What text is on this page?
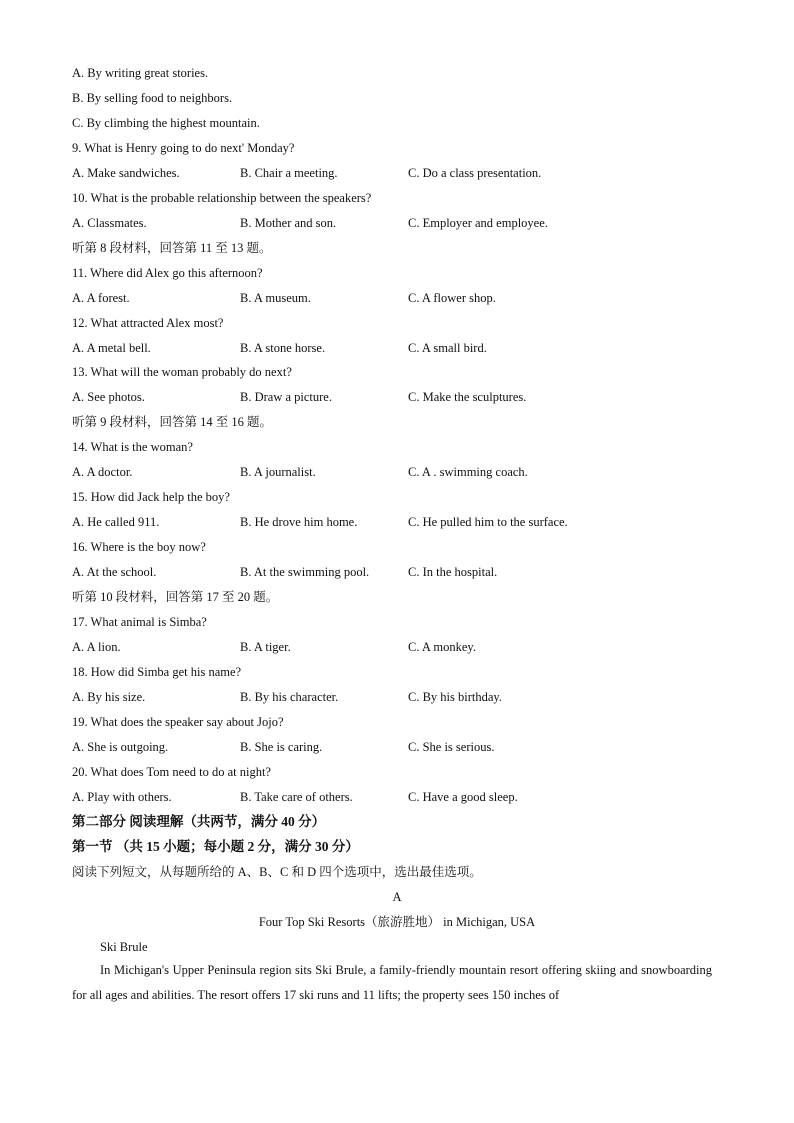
A. By writing great stories.
B. By selling food to neighbors.
C. By climbing the highest mountain.
9. What is Henry going to do next' Monday?
A. Make sandwiches.	B. Chair a meeting.	C. Do a class presentation.
10. What is the probable relationship between the speakers?
A. Classmates.	B. Mother and son.	C. Employer and employee.
听第 8 段材料，回答第 11 至 13 题。
11. Where did Alex go this afternoon?
A. A forest.	B. A museum.	C. A flower shop.
12. What attracted Alex most?
A. A metal bell.	B. A stone horse.	C. A small bird.
13. What will the woman probably do next?
A. See photos.	B. Draw a picture.	C. Make the sculptures.
听第 9 段材料，回答第 14 至 16 题。
14. What is the woman?
A. A doctor.	B. A journalist.	C. A . swimming coach.
15. How did Jack help the boy?
A. He called 911.	B. He drove him home.	C. He pulled him to the surface.
16. Where is the boy now?
A. At the school.	B. At the swimming pool.	C. In the hospital.
听第 10 段材料，回答第 17 至 20 题。
17. What animal is Simba?
A. A lion.	B. A tiger.	C. A monkey.
18. How did Simba get his name?
A. By his size.	B. By his character.	C. By his birthday.
19. What does the speaker say about Jojo?
A. She is outgoing.	B. She is caring.	C. She is serious.
20. What does Tom need to do at night?
A. Play with others.	B. Take care of others.	C. Have a good sleep.
第二部分 阅读理解（共两节，满分 40 分）
第一节 （共 15 小题；每小题 2 分，满分 30 分）
阅读下列短文，从每题所给的 A、B、C 和 D 四个选项中，选出最佳选项。
A
Four Top Ski Resorts（旅游胜地） in Michigan, USA
Ski Brule
In Michigan's Upper Peninsula region sits Ski Brule, a family-friendly mountain resort offering skiing and snowboarding for all ages and abilities. The resort offers 17 ski runs and 11 lifts; the property sees 150 inches of
